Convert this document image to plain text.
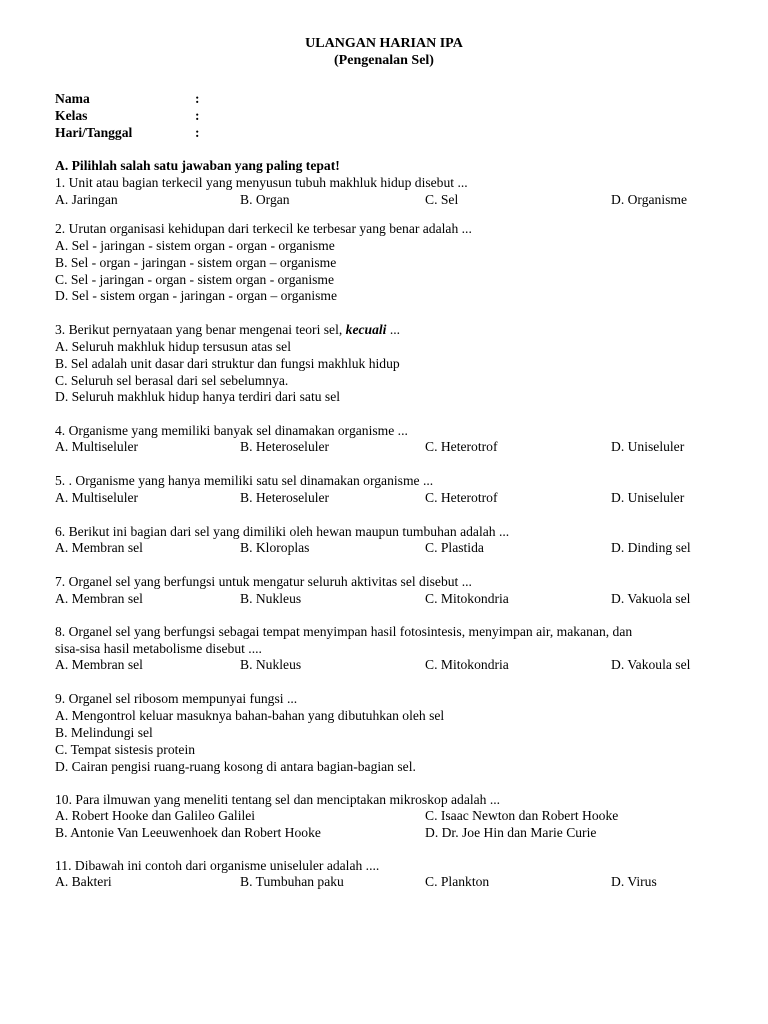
ULANGAN HARIAN IPA
(Pengenalan Sel)
Nama	:
Kelas	:
Hari/Tanggal	:
A. Pilihlah salah satu jawaban yang paling tepat!
1. Unit atau bagian terkecil yang menyusun tubuh makhluk hidup disebut ...
A. Jaringan	B. Organ	C. Sel	D. Organisme
2. Urutan organisasi kehidupan dari terkecil ke terbesar yang benar adalah ...
A. Sel - jaringan - sistem organ - organ - organisme
B. Sel - organ - jaringan - sistem organ – organisme
C. Sel - jaringan - organ - sistem organ - organisme
D. Sel - sistem organ - jaringan - organ – organisme
3. Berikut pernyataan yang benar mengenai teori sel, kecuali ...
A. Seluruh makhluk hidup tersusun atas sel
B. Sel adalah unit dasar dari struktur dan fungsi makhluk hidup
C. Seluruh sel berasal dari sel sebelumnya.
D. Seluruh makhluk hidup hanya terdiri dari satu sel
4. Organisme yang memiliki banyak sel dinamakan organisme ...
A. Multiseluler	B. Heteroseluler	C. Heterotrof	D. Uniseluler
5. . Organisme yang hanya memiliki satu sel dinamakan organisme ...
A. Multiseluler	B. Heteroseluler	C. Heterotrof	D. Uniseluler
6. Berikut ini bagian dari sel yang dimiliki oleh hewan maupun tumbuhan adalah ...
A. Membran sel	B. Kloroplas	C. Plastida	D. Dinding sel
7. Organel sel yang berfungsi untuk mengatur seluruh aktivitas sel disebut ...
A. Membran sel	B. Nukleus	C. Mitokondria	D. Vakuola sel
8. Organel sel yang berfungsi sebagai tempat menyimpan hasil fotosintesis, menyimpan air, makanan, dan
sisa-sisa hasil metabolisme disebut ....
A. Membran sel	B. Nukleus	C. Mitokondria	D. Vakoula sel
9. Organel sel ribosom mempunyai fungsi ...
A. Mengontrol keluar masuknya bahan-bahan yang dibutuhkan oleh sel
B. Melindungi sel
C. Tempat sistesis protein
D. Cairan pengisi ruang-ruang kosong di antara bagian-bagian sel.
10. Para ilmuwan yang meneliti tentang sel dan menciptakan mikroskop adalah ...
A. Robert Hooke dan Galileo Galilei	C. Isaac Newton dan Robert Hooke
B. Antonie Van Leeuwenhoek dan Robert Hooke	D. Dr. Joe Hin dan Marie Curie
11. Dibawah ini contoh dari organisme uniseluler adalah ....
A. Bakteri	B. Tumbuhan paku	C. Plankton	D. Virus
